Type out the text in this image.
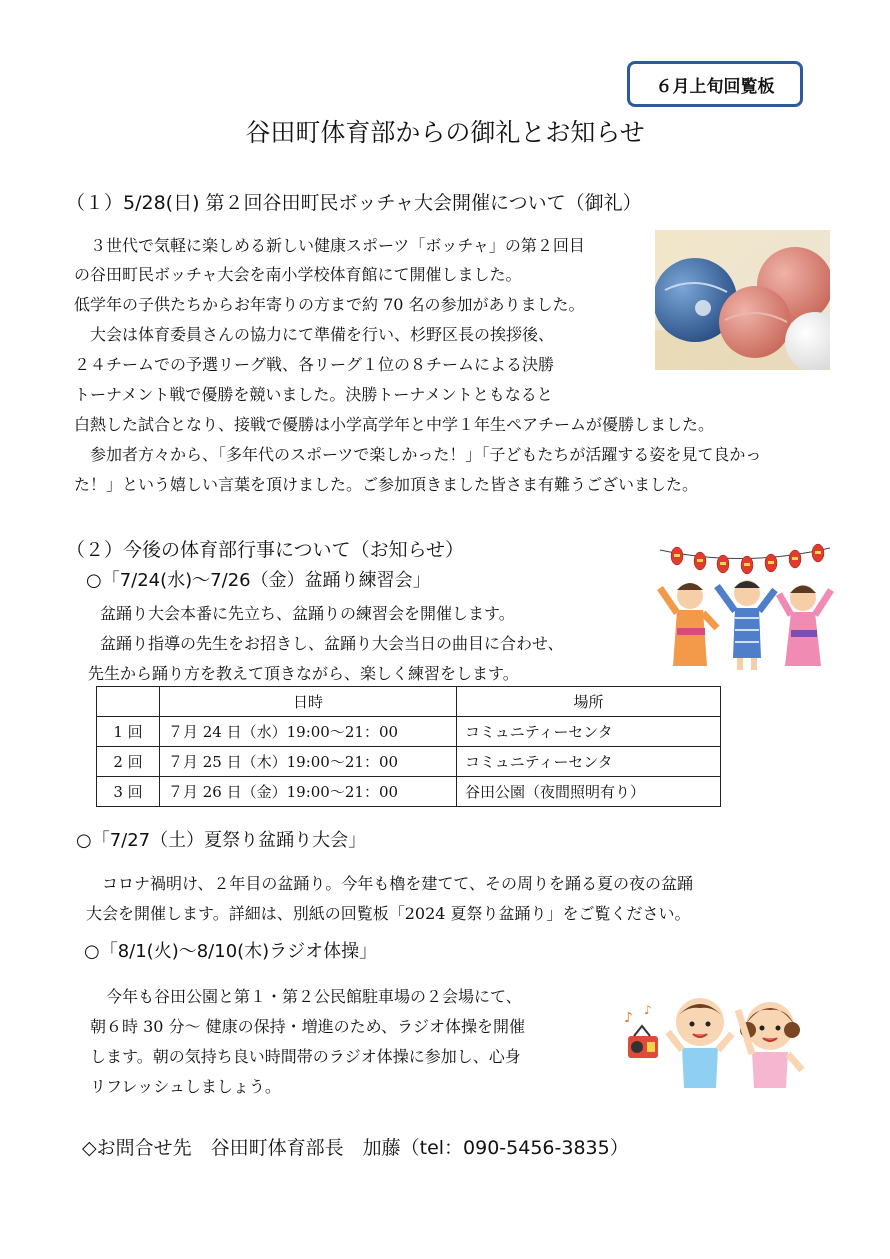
６月上旬回覧板
谷田町体育部からの御礼とお知らせ
（１）5/28(日) 第２回谷田町民ボッチャ大会開催について（御礼）
　３世代で気軽に楽しめる新しい健康スポーツ「ボッチャ」の第２回目
の谷田町民ボッチャ大会を南小学校体育館にて開催しました。
低学年の子供たちからお年寄りの方まで約 70 名の参加がありました。
　大会は体育委員さんの協力にて準備を行い、杉野区長の挨拶後、
２４チームでの予選リーグ戦、各リーグ１位の８チームによる決勝
トーナメント戦で優勝を競いました。決勝トーナメントともなると
白熱した試合となり、接戦で優勝は小学高学年と中学１年生ペアチームが優勝しました。
　参加者方々から、「多年代のスポーツで楽しかった！」「子どもたちが活躍する姿を見て良かっ
た！」という嬉しい言葉を頂けました。ご参加頂きました皆さま有難うございました。
（２）今後の体育部行事について（お知らせ）
○「7/24(水)〜7/26（金）盆踊り練習会」
盆踊り大会本番に先立ち、盆踊りの練習会を開催します。
盆踊り指導の先生をお招きし、盆踊り大会当日の曲目に合わせ、
先生から踊り方を教えて頂きながら、楽しく練習をします。
	日時	場所
1 回	７月 24 日（水）19:00〜21：00	コミュニティーセンタ
2 回	７月 25 日（木）19:00〜21：00	コミュニティーセンタ
3 回	７月 26 日（金）19:00〜21：00	谷田公園（夜間照明有り）
○「7/27（土）夏祭り盆踊り大会」
　コロナ禍明け、２年目の盆踊り。今年も櫓を建てて、その周りを踊る夏の夜の盆踊
大会を開催します。詳細は、別紙の回覧板「2024 夏祭り盆踊り」をご覧ください。
○「8/1(火)〜8/10(木)ラジオ体操」
　今年も谷田公園と第１・第２公民館駐車場の２会場にて、
朝６時 30 分〜 健康の保持・増進のため、ラジオ体操を開催
します。朝の気持ち良い時間帯のラジオ体操に参加し、心身
リフレッシュしましょう。
♪ ♪
◇お問合せ先　谷田町体育部長　加藤（tel：090-5456-3835）
